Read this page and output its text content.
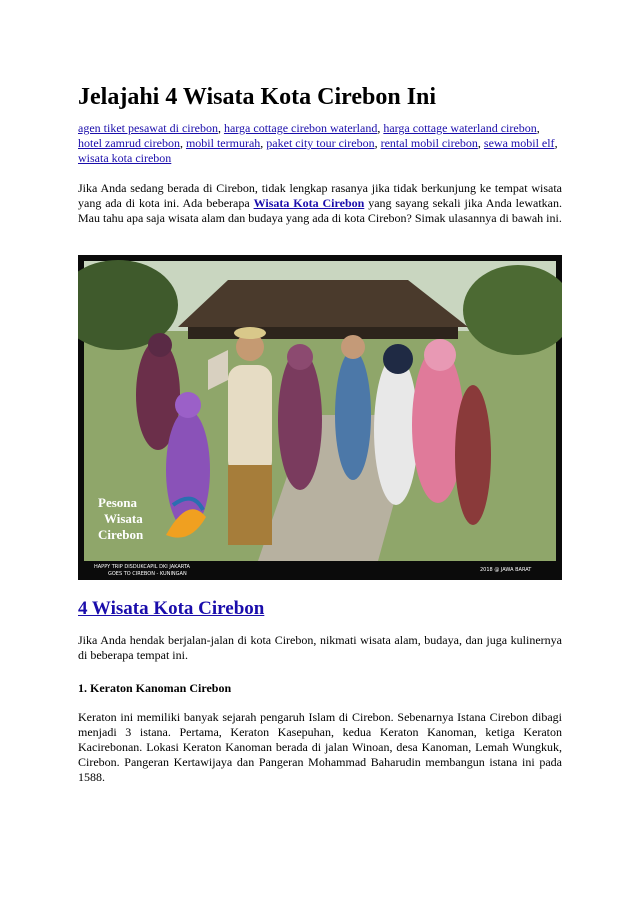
Jelajahi 4 Wisata Kota Cirebon Ini
agen tiket pesawat di cirebon, harga cottage cirebon waterland, harga cottage waterland cirebon, hotel zamrud cirebon, mobil termurah, paket city tour cirebon, rental mobil cirebon, sewa mobil elf, wisata kota cirebon

Jika Anda sedang berada di Cirebon, tidak lengkap rasanya jika tidak berkunjung ke tempat wisata yang ada di kota ini. Ada beberapa Wisata Kota Cirebon yang sayang sekali jika Anda lewatkan. Mau tahu apa saja wisata alam dan budaya yang ada di kota Cirebon? Simak ulasannya di bawah ini.

Pesona
Wisata
Cirebon
HAPPY TRIP DISDUKCAPIL DKI JAKARTA
GOES TO CIREBON - KUNINGAN
2018 @ JAWA BARAT
4 Wisata Kota Cirebon

Jika Anda hendak berjalan-jalan di kota Cirebon, nikmati wisata alam, budaya, dan juga kulinernya di beberapa tempat ini.

1. Keraton Kanoman Cirebon

Keraton ini memiliki banyak sejarah pengaruh Islam di Cirebon. Sebenarnya Istana Cirebon dibagi menjadi 3 istana. Pertama, Keraton Kasepuhan, kedua Keraton Kanoman, ketiga Keraton Kacirebonan. Lokasi Keraton Kanoman berada di jalan Winoan, desa Kanoman, Lemah Wungkuk, Cirebon. Pangeran Kertawijaya dan Pangeran Mohammad Baharudin membangun istana ini pada 1588.
